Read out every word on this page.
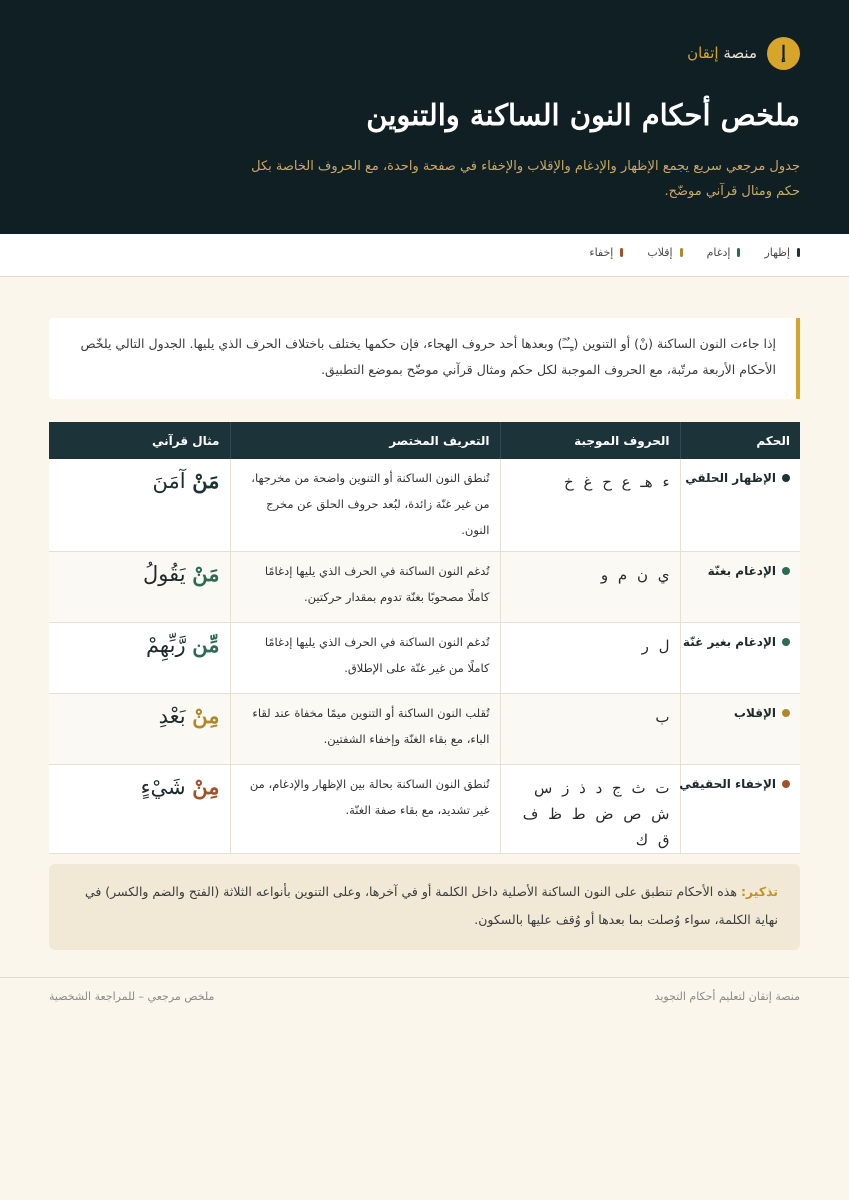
إ
منصة إتقان
ملخص أحكام النون الساكنة والتنوين

جدول مرجعي سريع يجمع الإظهار والإدغام والإقلاب والإخفاء في صفحة واحدة، مع الحروف الخاصة بكل حكم ومثال قرآني موضّح.

إظهار
إدغام
إقلاب
إخفاء

إذا جاءت النون الساكنة (نْ) أو التنوين (ـٍـٌـً) وبعدها أحد حروف الهجاء، فإن حكمها يختلف باختلاف الحرف الذي يليها. الجدول التالي يلخّص الأحكام الأربعة مرتّبة، مع الحروف الموجبة لكل حكم ومثال قرآني موضّح بموضع التطبيق.

الحكم	الحروف الموجبة	التعريف المختصر	مثال قرآني

الإظهار الحلقي	ء هـ ع ح غ خ	تُنطق النون الساكنة أو التنوين واضحة من مخرجها، من غير غنّة زائدة، لبُعد حروف الحلق عن مخرج النون.	مَنْ آمَنَ

الإدغام بغنّة	ي ن م و	تُدغم النون الساكنة في الحرف الذي يليها إدغامًا كاملًا مصحوبًا بغنّة تدوم بمقدار حركتين.	مَنْ يَقُولُ

الإدغام بغير غنّة	ل ر	تُدغم النون الساكنة في الحرف الذي يليها إدغامًا كاملًا من غير غنّة على الإطلاق.	مِّن رَّبِّهِمْ

الإقلاب	ب	تُقلب النون الساكنة أو التنوين ميمًا مخفاة عند لقاء الباء، مع بقاء الغنّة وإخفاء الشفتين.	مِنْ بَعْدِ

الإخفاء الحقيقي	ت ث ج د ذ ز س ش ص ض ط ظ ف ق ك	تُنطق النون الساكنة بحالة بين الإظهار والإدغام، من غير تشديد، مع بقاء صفة الغنّة.	مِنْ شَيْءٍ

تذكير: هذه الأحكام تنطبق على النون الساكنة الأصلية داخل الكلمة أو في آخرها، وعلى التنوين بأنواعه الثلاثة (الفتح والضم والكسر) في نهاية الكلمة، سواء وُصلت بما بعدها أو وُقف عليها بالسكون.

منصة إتقان لتعليم أحكام التجويد
ملخص مرجعي – للمراجعة الشخصية
